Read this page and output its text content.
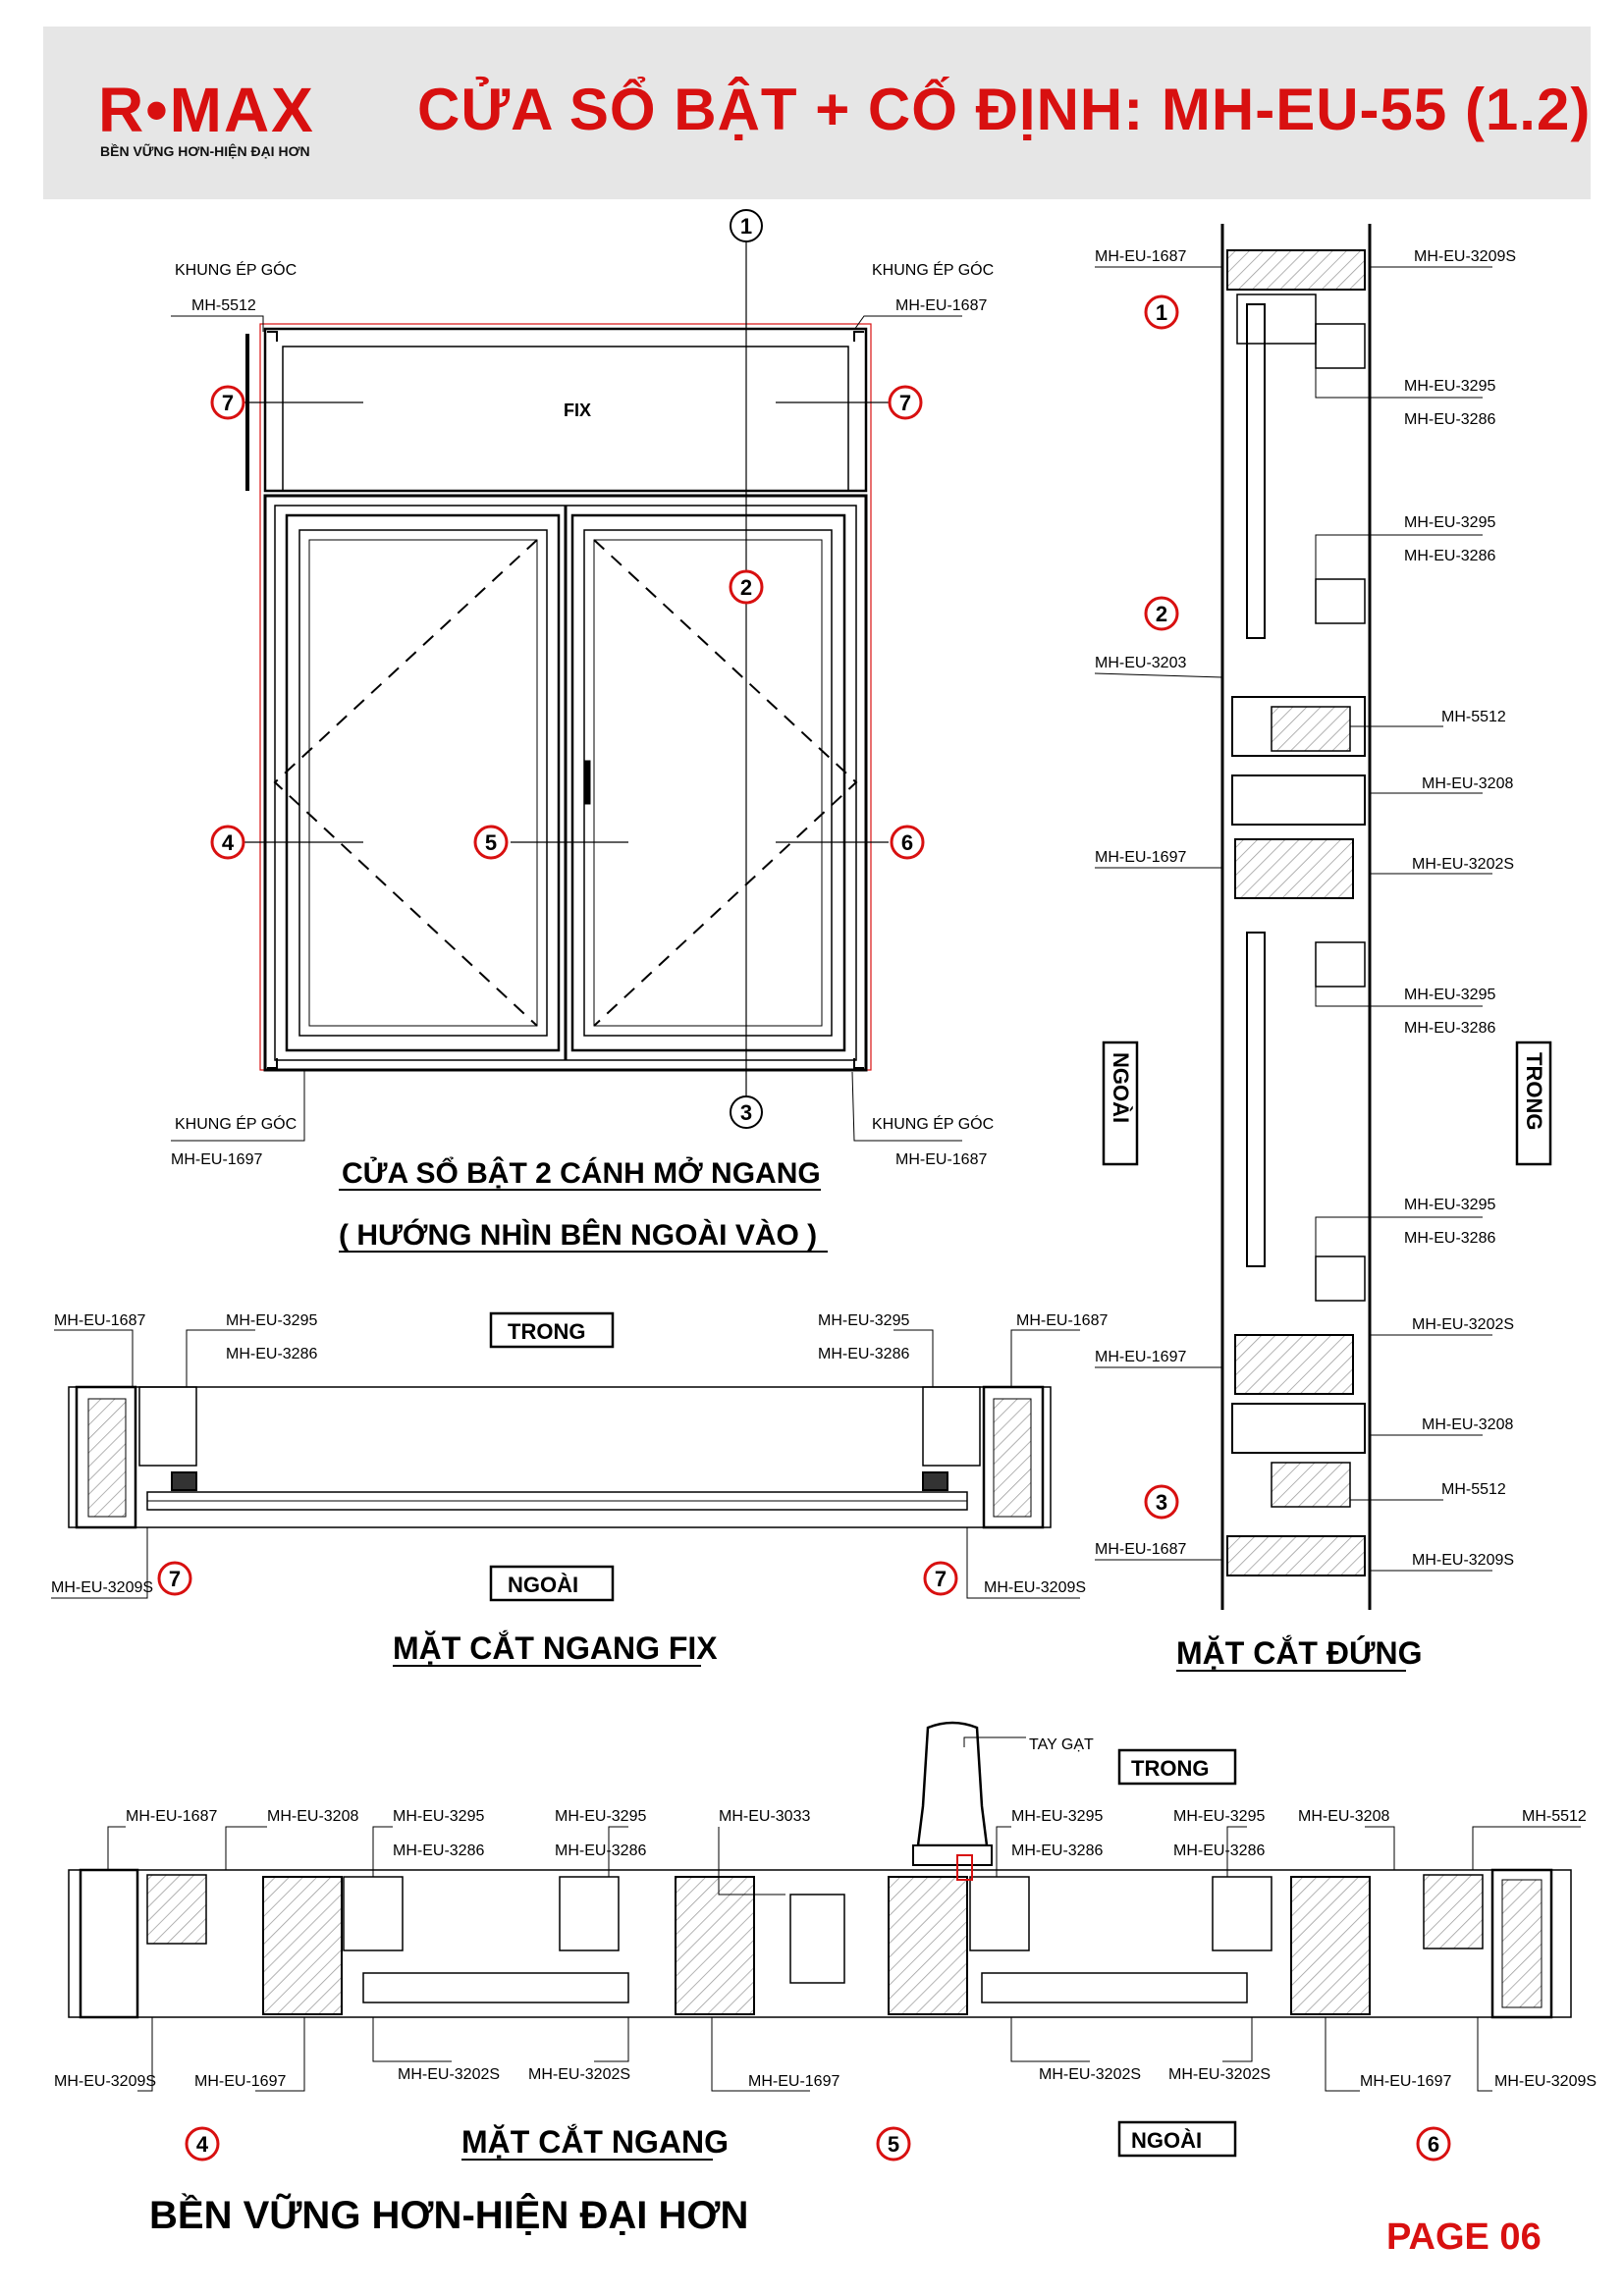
R•MAX
BỀN VỮNG HƠN-HIỆN ĐẠI HƠN
CỬA SỔ BẬT + CỐ ĐỊNH: MH-EU-55 (1.2)
FIX
KHUNG ÉP GÓC
MH-5512
KHUNG ÉP GÓC
MH-EU-1687
KHUNG ÉP GÓC
MH-EU-1697
KHUNG ÉP GÓC
MH-EU-1687
1
2
3
4	5	6
7	7
CỬA SỔ BẬT 2 CÁNH MỞ NGANG
( HƯỚNG NHÌN BÊN NGOÀI VÀO )
TRONG
NGOÀI
MH-EU-1687	MH-EU-3295
MH-EU-3286
MH-EU-3295
MH-EU-3286
MH-EU-1687
MH-EU-3209S	MH-EU-3209S
7	7
MẶT CẮT NGANG FIX
MH-EU-1687
MH-EU-3203
MH-EU-1697
MH-EU-1697
MH-EU-1687
MH-EU-3209S
MH-EU-3295
MH-EU-3286
MH-EU-3295
MH-EU-3286
MH-5512
MH-EU-3208
MH-EU-3202S
MH-EU-3295
MH-EU-3286
MH-EU-3295
MH-EU-3286
MH-EU-3202S
MH-EU-3208
MH-5512
MH-EU-3209S
1
2
3
NGOÀI	TRONG
MẶT CẮT ĐỨNG
TAY GẠT
TRONG
NGOÀI
MH-EU-1687	MH-EU-3208 MH-EU-3295
MH-EU-3286
MH-EU-3295
MH-EU-3286
MH-EU-3033	MH-EU-3295
MH-EU-3286
MH-EU-3295
MH-EU-3286
MH-EU-3208	MH-5512
MH-EU-3209S MH-EU-1697	MH-EU-3202S MH-EU-3202S	MH-EU-1697	MH-EU-3202S MH-EU-3202S	MH-EU-1697	MH-EU-3209S
4	5	6
MẶT CẮT NGANG
BỀN VỮNG HƠN-HIỆN ĐẠI HƠN	PAGE 06
